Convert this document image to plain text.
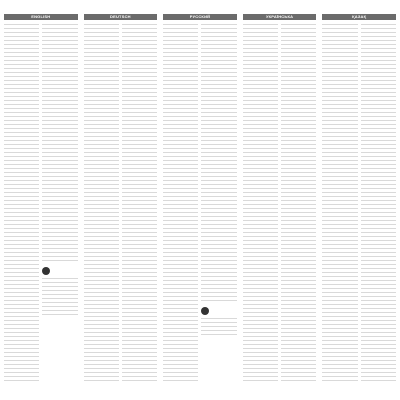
ENGLISH	DEUTSCH	РУССКИЙ	УКРАЇНСЬКА	ҚАЗАҚ
